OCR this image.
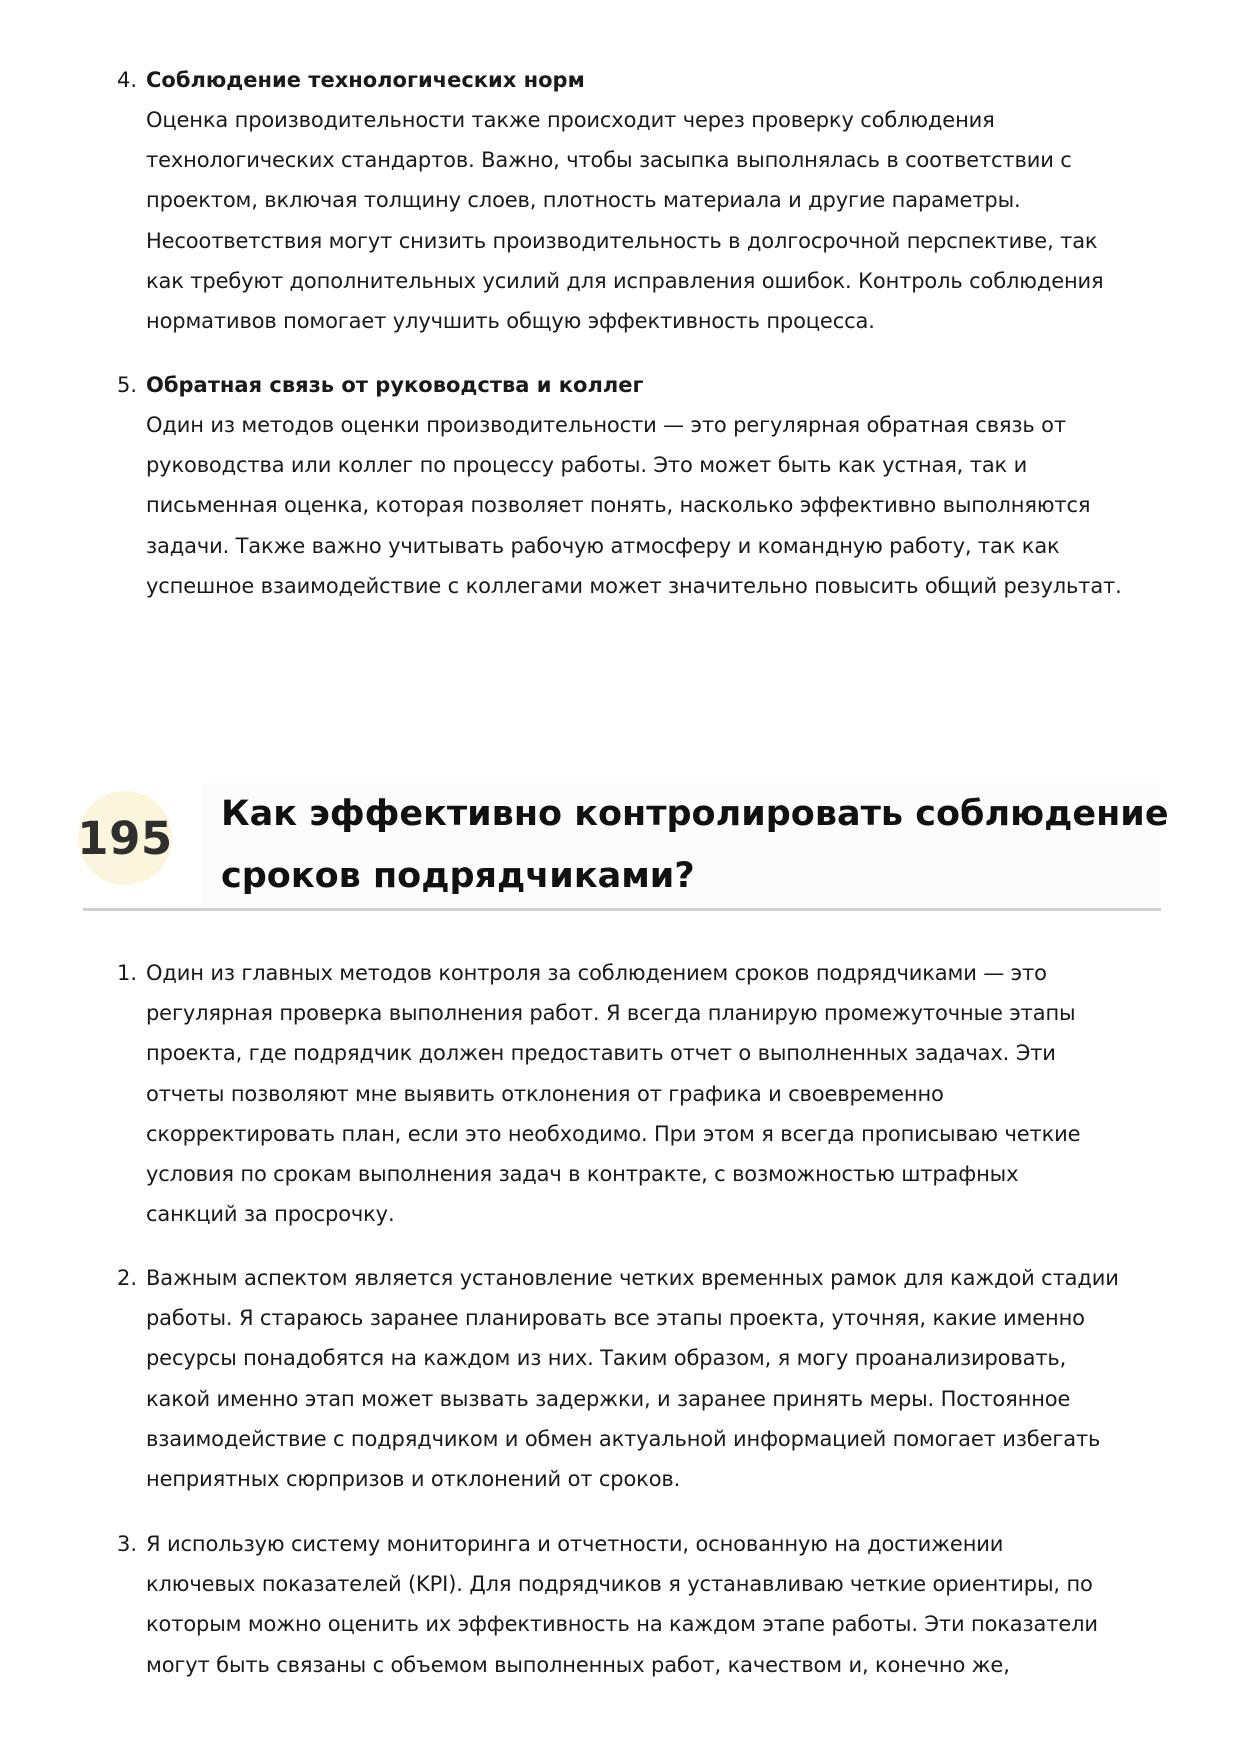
4. Соблюдение технологических норм

Оценка производительности также происходит через проверку соблюдения

технологических стандартов. Важно, чтобы засыпка выполнялась в соответствии с

проектом, включая толщину слоев, плотность материала и другие параметры.

Несоответствия могут снизить производительность в долгосрочной перспективе, так

как требуют дополнительных усилий для исправления ошибок. Контроль соблюдения

нормативов помогает улучшить общую эффективность процесса.

5. Обратная связь от руководства и коллег

Один из методов оценки производительности — это регулярная обратная связь от

руководства или коллег по процессу работы. Это может быть как устная, так и

письменная оценка, которая позволяет понять, насколько эффективно выполняются

задачи. Также важно учитывать рабочую атмосферу и командную работу, так как

успешное взаимодействие с коллегами может значительно повысить общий результат.

195 Как эффективно контролировать соблюдение
сроков подрядчиками?
1. Один из главных методов контроля за соблюдением сроков подрядчиками — это

регулярная проверка выполнения работ. Я всегда планирую промежуточные этапы

проекта, где подрядчик должен предоставить отчет о выполненных задачах. Эти

отчеты позволяют мне выявить отклонения от графика и своевременно

скорректировать план, если это необходимо. При этом я всегда прописываю четкие

условия по срокам выполнения задач в контракте, с возможностью штрафных

санкций за просрочку.

2. Важным аспектом является установление четких временных рамок для каждой стадии

работы. Я стараюсь заранее планировать все этапы проекта, уточняя, какие именно

ресурсы понадобятся на каждом из них. Таким образом, я могу проанализировать,

какой именно этап может вызвать задержки, и заранее принять меры. Постоянное

взаимодействие с подрядчиком и обмен актуальной информацией помогает избегать

неприятных сюрпризов и отклонений от сроков.

3. Я использую систему мониторинга и отчетности, основанную на достижении

ключевых показателей (KPI). Для подрядчиков я устанавливаю четкие ориентиры, по

которым можно оценить их эффективность на каждом этапе работы. Эти показатели

могут быть связаны с объемом выполненных работ, качеством и, конечно же,
